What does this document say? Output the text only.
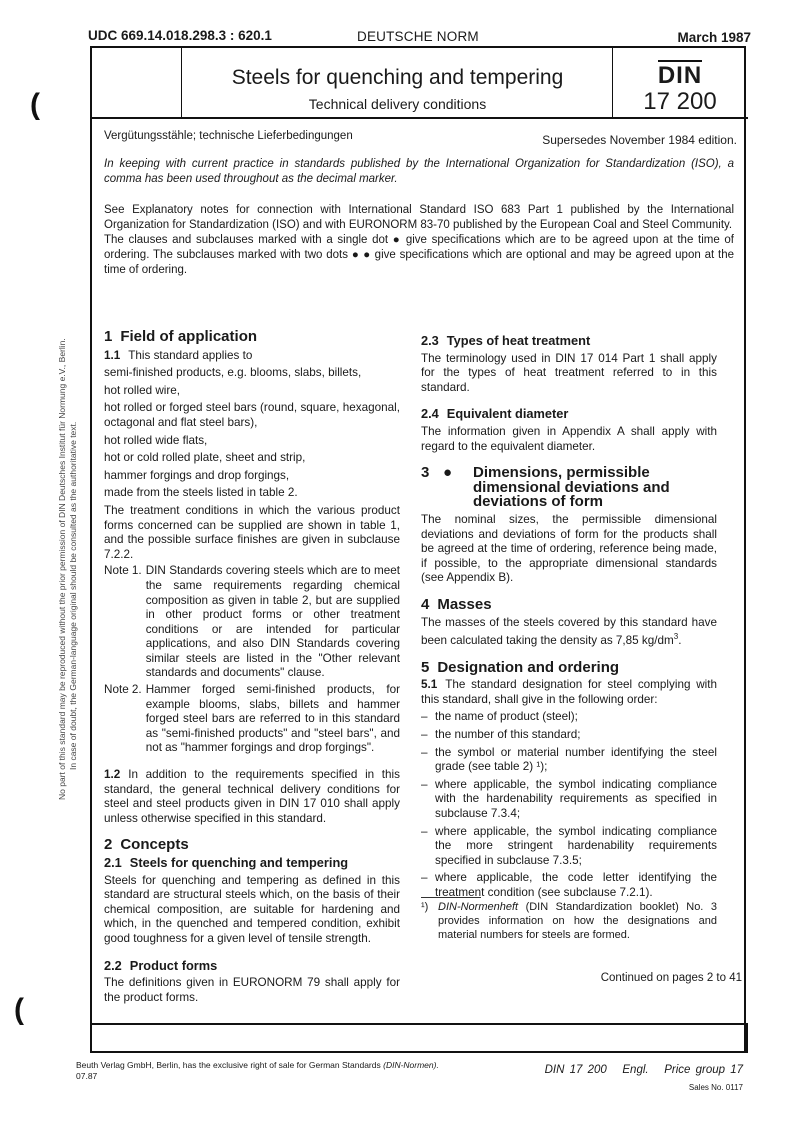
UDC 669.14.018.298.3 : 620.1	DEUTSCHE NORM	March 1987
Steels for quenching and tempering
Technical delivery conditions
DIN
17 200
Vergütungsstähle; technische Lieferbedingungen	Supersedes November 1984 edition.
In keeping with current practice in standards published by the International Organization for Standardization (ISO), a comma has been used throughout as the decimal marker.
See Explanatory notes for connection with International Standard ISO 683 Part 1 published by the International Organization for Standardization (ISO) and with EURONORM 83-70 published by the European Coal and Steel Community.
The clauses and subclauses marked with a single dot ● give specifications which are to be agreed upon at the time of ordering. The subclauses marked with two dots ● ● give specifications which are optional and may be agreed upon at the time of ordering.

1 Field of application

1.1 This standard applies to

semi-finished products, e.g. blooms, slabs, billets,

hot rolled wire,

hot rolled or forged steel bars (round, square, hexagonal, octagonal and flat steel bars),

hot rolled wide flats,

hot or cold rolled plate, sheet and strip,

hammer forgings and drop forgings,

made from the steels listed in table 2.

The treatment conditions in which the various product forms concerned can be supplied are shown in table 1, and the possible surface finishes are given in subclause 7.2.2.

Note 1. DIN Standards covering steels which are to meet the same requirements regarding chemical composition as given in table 2, but are supplied in other product forms or other treatment conditions or are intended for particular applications, and also DIN Standards covering similar steels are listed in the "Other relevant standards and documents" clause.
Note 2. Hammer forged semi-finished products, for example blooms, slabs, billets and hammer forged steel bars are referred to in this standard as "semi-finished products" and "steel bars", and not as "hammer forgings and drop forgings".

1.2 In addition to the requirements specified in this standard, the general technical delivery conditions for steel and steel products given in DIN 17 010 shall apply unless otherwise specified in this standard.

2 Concepts

2.1 Steels for quenching and tempering

Steels for quenching and tempering as defined in this standard are structural steels which, on the basis of their chemical composition, are suitable for hardening and which, in the quenched and tempered condition, exhibit good toughness for a given level of tensile strength.

2.2 Product forms

The definitions given in EURONORM 79 shall apply for the product forms.

2.3 Types of heat treatment

The terminology used in DIN 17 014 Part 1 shall apply for the types of heat treatment referred to in this standard.

2.4 Equivalent diameter

The information given in Appendix A shall apply with regard to the equivalent diameter.

3 ●	Dimensions, permissible dimensional deviations and deviations of form

The nominal sizes, the permissible dimensional deviations and deviations of form for the products shall be agreed at the time of ordering, reference being made, if possible, to the appropriate dimensional standards (see Appendix B).

4 Masses

The masses of the steels covered by this standard have been calculated taking the density as 7,85 $kg/dm^3$.

5 Designation and ordering

5.1 The standard designation for steel complying with this standard, shall give in the following order:

– the name of product (steel);
– the number of this standard;
– the symbol or material number identifying the steel grade (see table 2) ¹);
– where applicable, the symbol indicating compliance with the hardenability requirements as specified in subclause 7.3.4;
– where applicable, the symbol indicating compliance the more stringent hardenability requirements specified in subclause 7.3.5;
– where applicable, the code letter identifying the treatment condition (see subclause 7.2.1).
¹) DIN-Normenheft (DIN Standardization booklet) No. 3 provides information on how the designations and material numbers for steels are formed.
Continued on pages 2 to 41
Beuth Verlag GmbH, Berlin, has the exclusive right of sale for German Standards (DIN-Normen).
07.87	DIN 17 200 Engl. Price group 17
Sales No. 0117
No part of this standard may be reproduced without the prior permission of DIN Deutsches Institut für Normung e.V., Berlin. In case of doubt, the German-language original should be consulted as the authoritative text.
(
(
